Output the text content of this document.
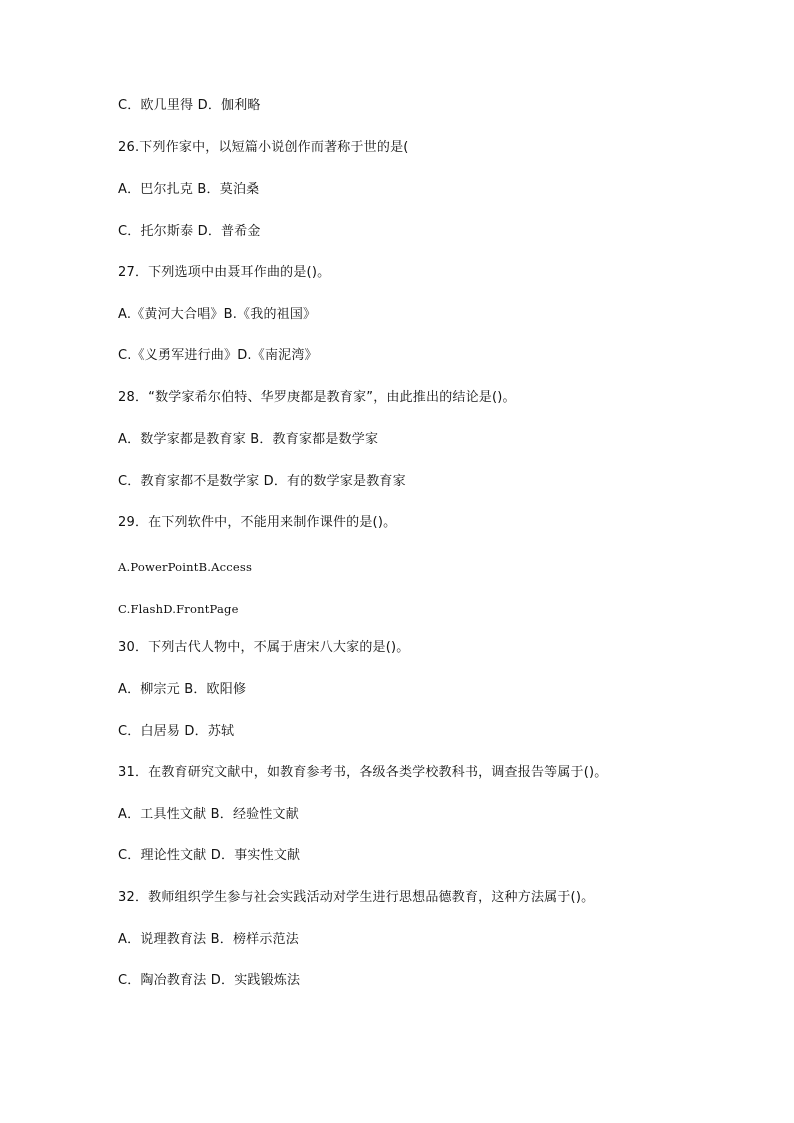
C．欧几里得 D．伽利略
26.下列作家中，以短篇小说创作而著称于世的是(
A．巴尔扎克 B．莫泊桑
C．托尔斯泰 D．普希金
27．下列选项中由聂耳作曲的是()。
A.《黄河大合唱》B.《我的祖国》
C.《义勇军进行曲》D.《南泥湾》
28．“数学家希尔伯特、华罗庚都是教育家”，由此推出的结论是()。
A．数学家都是教育家 B．教育家都是数学家
C．教育家都不是数学家 D．有的数学家是教育家
29．在下列软件中，不能用来制作课件的是()。
A.PowerPointB.Access
C.FlashD.FrontPage
30．下列古代人物中，不属于唐宋八大家的是()。
A．柳宗元 B．欧阳修
C．白居易 D．苏轼
31．在教育研究文献中，如教育参考书，各级各类学校教科书，调查报告等属于()。
A．工具性文献 B．经验性文献
C．理论性文献 D．事实性文献
32．教师组织学生参与社会实践活动对学生进行思想品德教育，这种方法属于()。
A．说理教育法 B．榜样示范法
C．陶冶教育法 D．实践锻炼法
